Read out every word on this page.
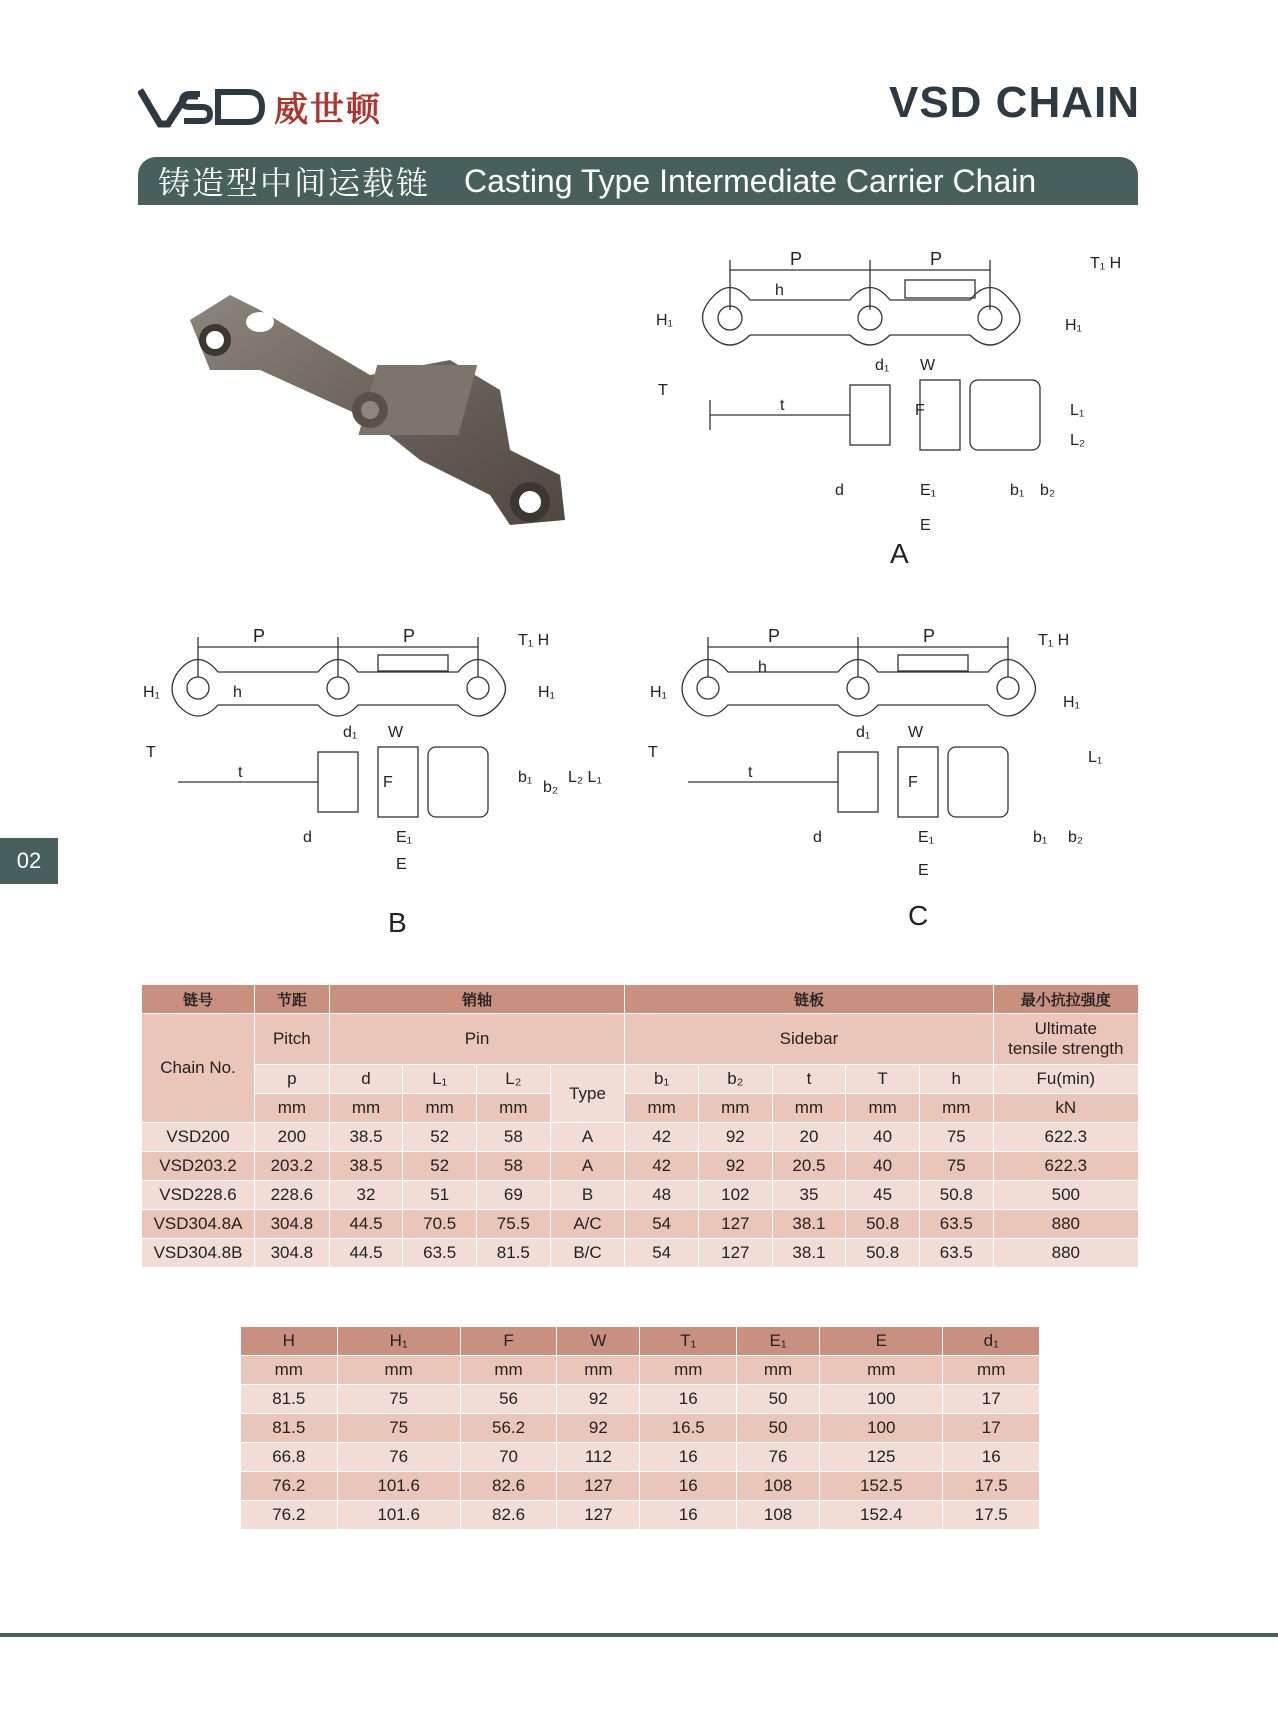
威世顿	VSD CHAIN
铸造型中间运载链 Casting Type Intermediate Carrier Chain
P	P
h
d₁ W
t	F
d	E₁
E
L₁
L₂
b₁ b₂
T₁ H
H₁	H₁
T
A
P	P
H₁	H₁
h
d₁ W
T
t
F
d	E₁
E
b₁
b₂
L₂ L₁
T₁ H
B
P	P
H₁
H₁
h
d₁ W
T
t
F
d	E₁
E
b₁ b₂
L₁
T₁ H
C
02
链号	节距	销轴				链板					最小抗拉强度
Chain No.	Pitch	Pin				Sidebar					Ultimate
tensile strength
	p	d	L₁	L₂	Type	b₁	b₂	t	T	h	Fu(min)
	mm	mm	mm	mm		mm	mm	mm	mm	mm	kN
VSD200	200	38.5	52	58	A	42	92	20	40	75	622.3
VSD203.2	203.2	38.5	52	58	A	42	92	20.5	40	75	622.3
VSD228.6	228.6	32	51	69	B	48	102	35	45	50.8	500
VSD304.8A	304.8	44.5	70.5	75.5	A/C	54	127	38.1	50.8	63.5	880
VSD304.8B	304.8	44.5	63.5	81.5	B/C	54	127	38.1	50.8	63.5	880
H	H₁	F	W	T₁	E₁	E	d₁
mm	mm	mm	mm	mm	mm	mm	mm
81.5	75	56	92	16	50	100	17
81.5	75	56.2	92	16.5	50	100	17
66.8	76	70	112	16	76	125	16
76.2	101.6	82.6	127	16	108	152.5	17.5
76.2	101.6	82.6	127	16	108	152.4	17.5
